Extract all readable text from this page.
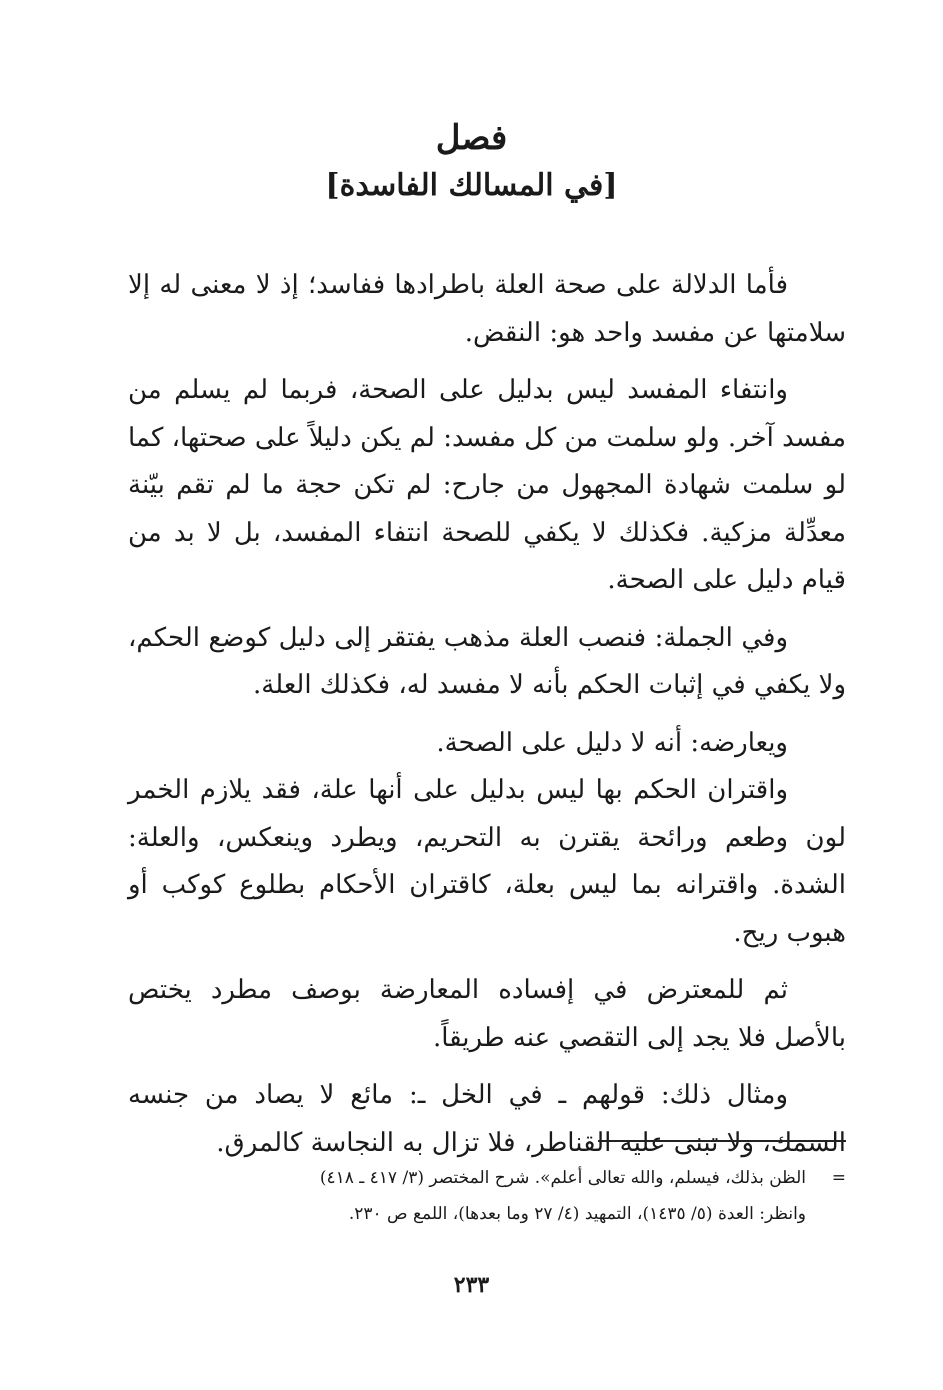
فصل
[في المسالك الفاسدة]

فأما الدلالة على صحة العلة باطرادها ففاسد؛ إذ لا معنى له إلا سلامتها عن مفسد واحد هو: النقض.

وانتفاء المفسد ليس بدليل على الصحة، فربما لم يسلم من مفسد آخر. ولو سلمت من كل مفسد: لم يكن دليلاً على صحتها، كما لو سلمت شهادة المجهول من جارح: لم تكن حجة ما لم تقم بيّنة معدِّلة مزكية. فكذلك لا يكفي للصحة انتفاء المفسد، بل لا بد من قيام دليل على الصحة.

وفي الجملة: فنصب العلة مذهب يفتقر إلى دليل كوضع الحكم، ولا يكفي في إثبات الحكم بأنه لا مفسد له، فكذلك العلة.

ويعارضه: أنه لا دليل على الصحة.

واقتران الحكم بها ليس بدليل على أنها علة، فقد يلازم الخمر لون وطعم ورائحة يقترن به التحريم، ويطرد وينعكس، والعلة: الشدة. واقترانه بما ليس بعلة، كاقتران الأحكام بطلوع كوكب أو هبوب ريح.

ثم للمعترض في إفساده المعارضة بوصف مطرد يختص بالأصل فلا يجد إلى التقصي عنه طريقاً.

ومثال ذلك: قولهم ـ في الخل ـ: مائع لا يصاد من جنسه السمك، ولا تبنى عليه القناطر، فلا تزال به النجاسة كالمرق.

=الظن بذلك، فيسلم، والله تعالى أعلم». شرح المختصر (٣/ ٤١٧ ـ ٤١٨)

وانظر: العدة (٥/ ١٤٣٥)، التمهيد (٤/ ٢٧ وما بعدها)، اللمع ص ٢٣٠.

٢٣٣
